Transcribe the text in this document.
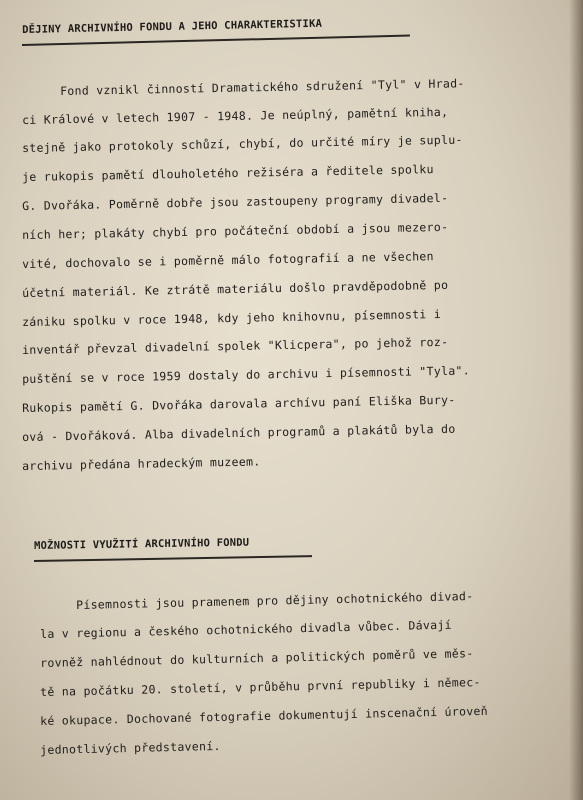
DĚJINY ARCHIVNÍHO FONDU A JEHO CHARAKTERISTIKA

Fond vznikl činností Dramatického sdružení "Tyl" v Hrad-

ci Králové v letech 1907 - 1948. Je neúplný, pamětní kniha,

stejně jako protokoly schůzí, chybí, do určité míry je suplu-

je rukopis pamětí dlouholetého režiséra a ředitele spolku

G. Dvořáka. Poměrně dobře jsou zastoupeny programy divadel-

ních her; plakáty chybí pro počáteční období a jsou mezero-

vité, dochovalo se i poměrně málo fotografií a ne všechen

účetní materiál. Ke ztrátě materiálu došlo pravděpodobně po

zániku spolku v roce 1948, kdy jeho knihovnu, písemnosti i

inventář převzal divadelní spolek "Klicpera", po jehož roz-

puštění se v roce 1959 dostaly do archivu i písemnosti "Tyla".

Rukopis pamětí G. Dvořáka darovala archívu paní Eliška Bury-

ová - Dvořáková. Alba divadelních programů a plakátů byla do

archivu předána hradeckým muzeem.

MOŽNOSTI VYUŽITÍ ARCHIVNÍHO FONDU

Písemnosti jsou pramenem pro dějiny ochotnického divad-

la v regionu a českého ochotnického divadla vůbec. Dávají

rovněž nahlédnout do kulturních a politických poměrů ve měs-

tě na počátku 20. století, v průběhu první republiky i němec-

ké okupace. Dochované fotografie dokumentují inscenační úroveň

jednotlivých představení.
